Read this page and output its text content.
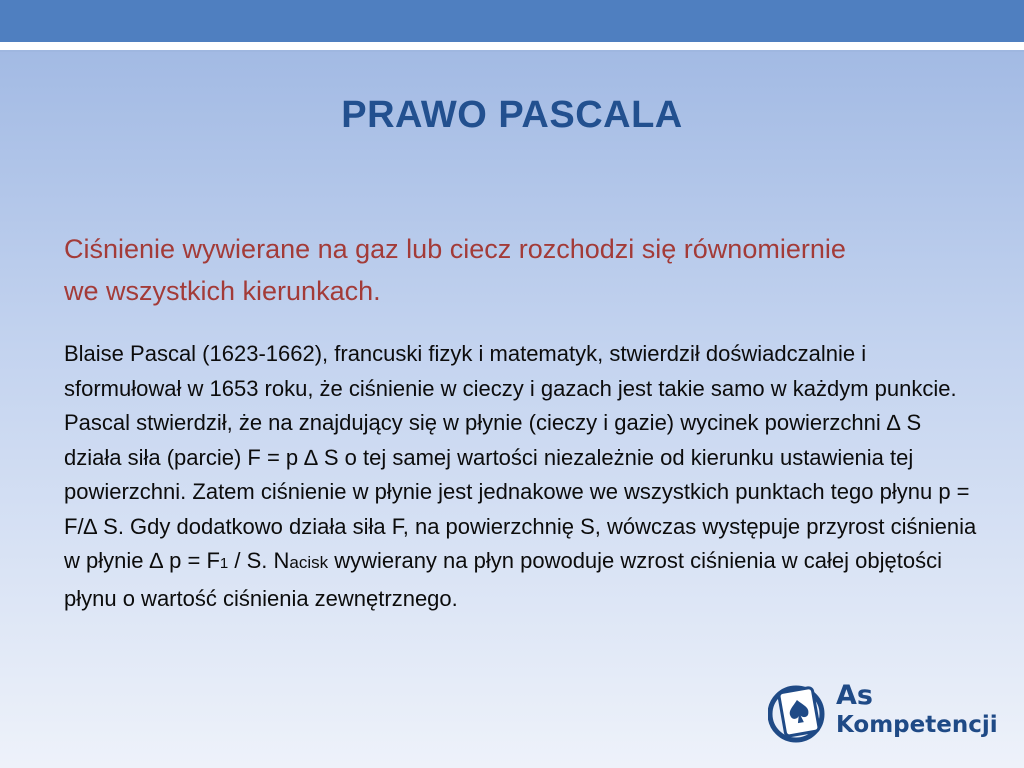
PRAWO PASCALA
Ciśnienie wywierane na gaz lub ciecz rozchodzi się równomiernie we wszystkich kierunkach.

Blaise Pascal (1623-1662), francuski fizyk i matematyk, stwierdził doświadczalnie i sformułował w 1653 roku, że ciśnienie w cieczy i gazach jest takie samo w każdym punkcie.

Pascal stwierdził, że na znajdujący się w płynie (cieczy i gazie) wycinek powierzchni ∆ S działa siła (parcie) F = p ∆ S o tej samej wartości niezależnie od kierunku ustawienia tej powierzchni. Zatem ciśnienie w płynie jest jednakowe we wszystkich punktach tego płynu p = F/∆ S. Gdy dodatkowo działa siła F, na powierzchnię S, wówczas występuje przyrost ciśnienia w płynie ∆ p = F1 / S. Nacisk wywierany na płyn powoduje wzrost ciśnienia w całej objętości płynu o wartość ciśnienia zewnętrznego.

As
Kompetencji
